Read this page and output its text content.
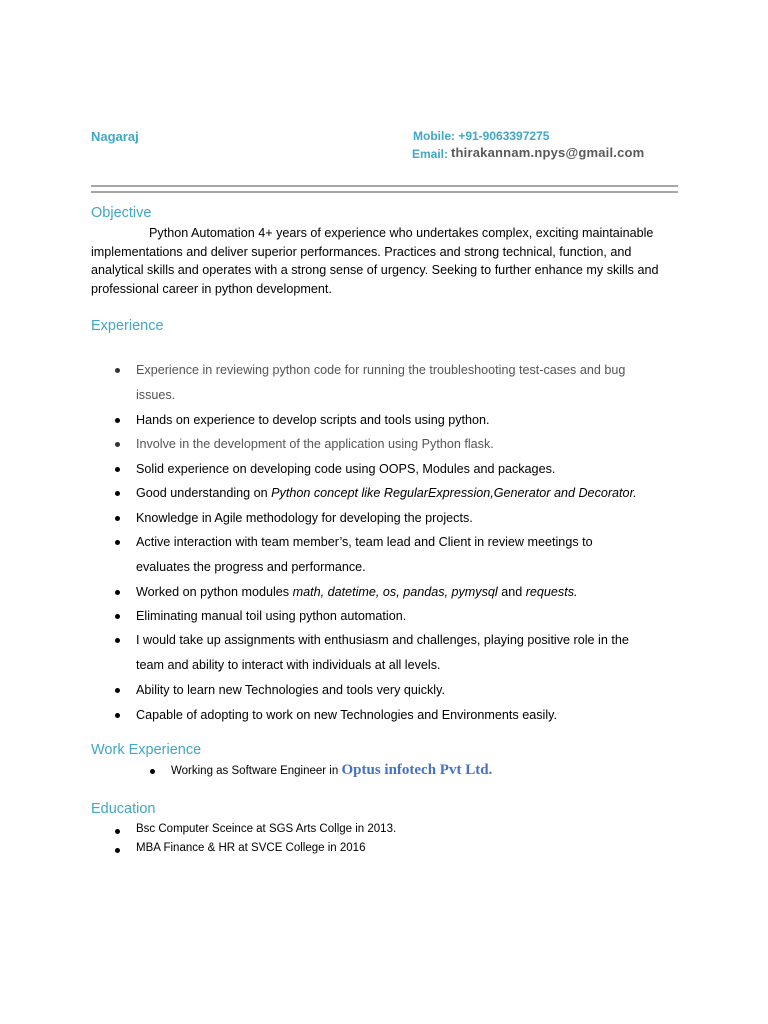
Nagaraj	Mobile: +91-9063397275
Email: thirakannam.npys@gmail.com
Objective
Python Automation 4+ years of experience who undertakes complex, exciting maintainable implementations and deliver superior performances. Practices and strong technical, function, and analytical skills and operates with a strong sense of urgency. Seeking to further enhance my skills and professional career in python development.
Experience
Experience in reviewing python code for running the troubleshooting test-cases and bug
issues.
Hands on experience to develop scripts and tools using python.
Involve in the development of the application using Python flask.
Solid experience on developing code using OOPS, Modules and packages.
Good understanding on Python concept like RegularExpression,Generator and Decorator.
Knowledge in Agile methodology for developing the projects.
Active interaction with team member’s, team lead and Client in review meetings to
evaluates the progress and performance.
Worked on python modules math, datetime, os, pandas, pymysql and requests.
Eliminating manual toil using python automation.
I would take up assignments with enthusiasm and challenges, playing positive role in the
team and ability to interact with individuals at all levels.
Ability to learn new Technologies and tools very quickly.
Capable of adopting to work on new Technologies and Environments easily.
Work Experience
Working as Software Engineer in Optus infotech Pvt Ltd.
Education
Bsc Computer Sceince at SGS Arts Collge in 2013.
MBA Finance & HR at SVCE College in 2016
